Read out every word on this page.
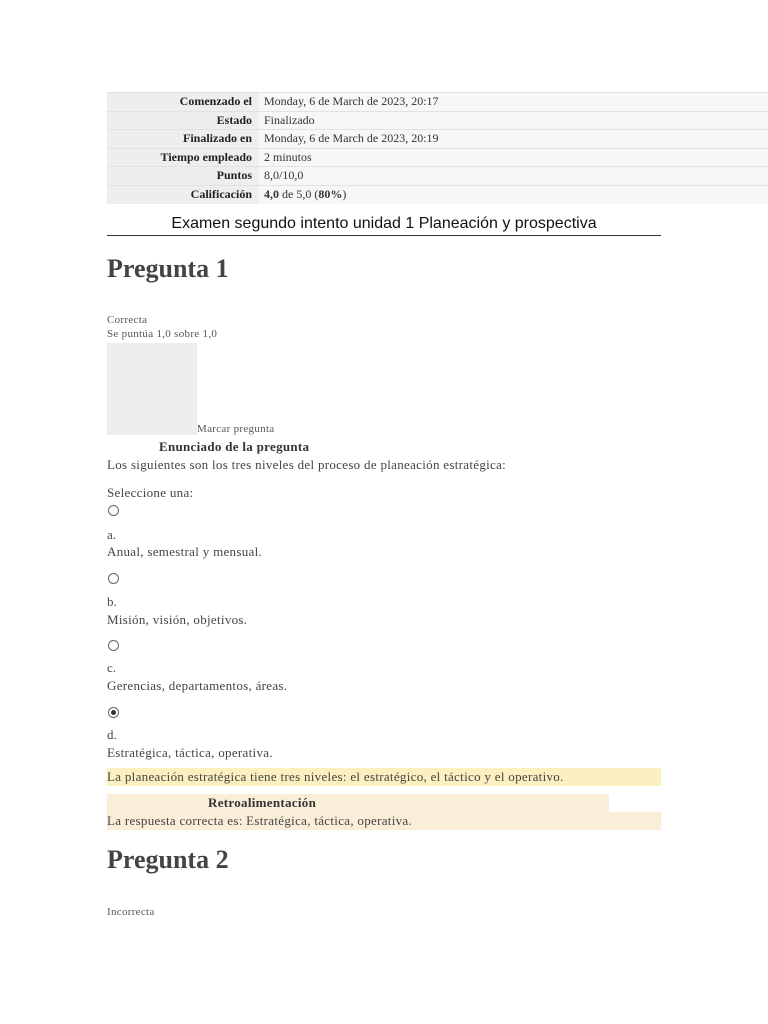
Comenzado el	Monday, 6 de March de 2023, 20:17
Estado	Finalizado
Finalizado en	Monday, 6 de March de 2023, 20:19
Tiempo empleado	2 minutos
Puntos	8,0/10,0
Calificación	4,0 de 5,0 (80%)
Examen segundo intento unidad 1 Planeación y prospectiva
Pregunta 1
Correcta
Se puntúa 1,0 sobre 1,0
Marcar pregunta
Enunciado de la pregunta
Los siguientes son los tres niveles del proceso de planeación estratégica:
Seleccione una:
a.
Anual, semestral y mensual.
b.
Misión, visión, objetivos.
c.
Gerencias, departamentos, áreas.
d.
Estratégica, táctica, operativa.
La planeación estratégica tiene tres niveles: el estratégico, el táctico y el operativo.
Retroalimentación
La respuesta correcta es: Estratégica, táctica, operativa.
Pregunta 2
Incorrecta
